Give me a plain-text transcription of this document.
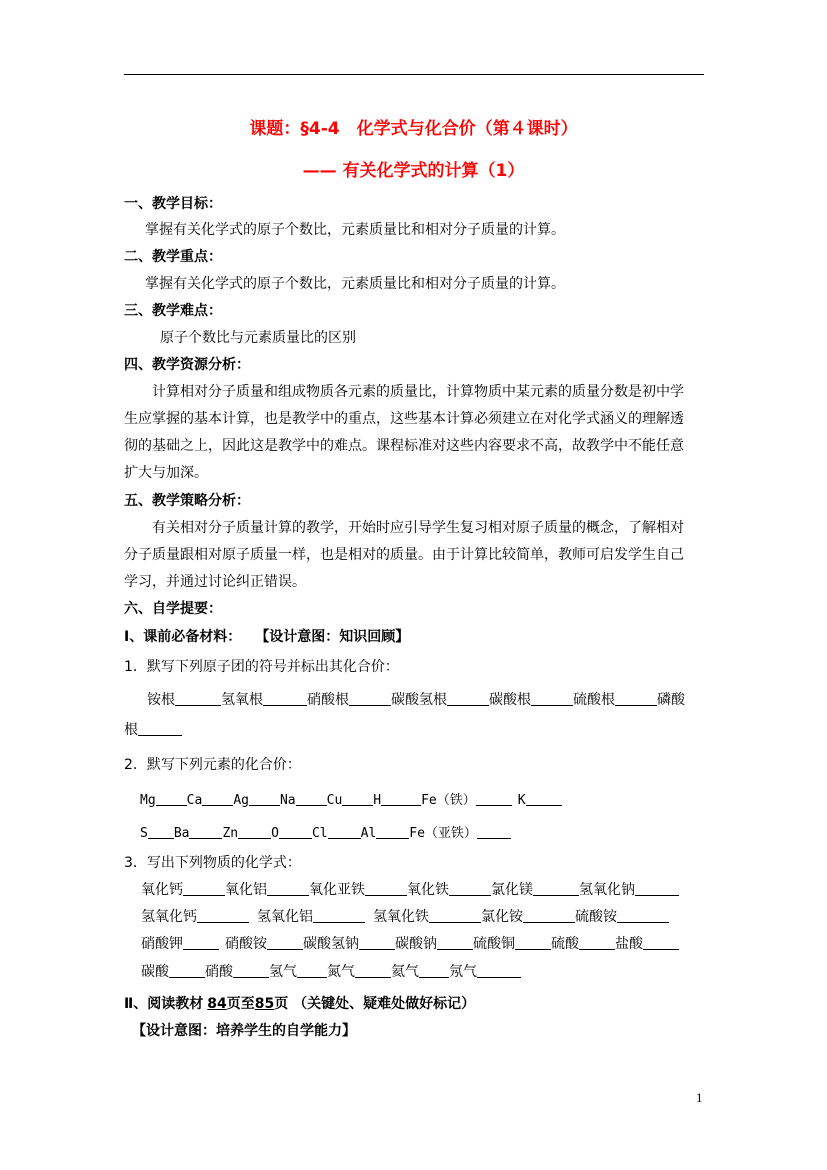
课题：§4-4　化学式与化合价（第４课时）
—— 有关化学式的计算（1）
一、教学目标：
掌握有关化学式的原子个数比，元素质量比和相对分子质量的计算。
二、教学重点：
掌握有关化学式的原子个数比，元素质量比和相对分子质量的计算。
三、教学难点：
原子个数比与元素质量比的区别
四、教学资源分析：
计算相对分子质量和组成物质各元素的质量比，计算物质中某元素的质量分数是初中学
生应掌握的基本计算，也是教学中的重点，这些基本计算必须建立在对化学式涵义的理解透
彻的基础之上，因此这是教学中的难点。课程标准对这些内容要求不高，故教学中不能任意
扩大与加深。
五、教学策略分析：
有关相对分子质量计算的教学，开始时应引导学生复习相对原子质量的概念，了解相对
分子质量跟相对原子质量一样，也是相对的质量。由于计算比较简单，教师可启发学生自己
学习，并通过讨论纠正错误。
六、自学提要：
Ⅰ、课前必备材料： 【设计意图：知识回顾】
1．默写下列原子团的符号并标出其化合价：
铵根	氢氧根	硝酸根	碳酸氢根	碳酸根	硫酸根	磷酸
根
2．默写下列元素的化合价：
Mg Ca Ag Na Cu H	Fe（铁）	K
S Ba	Zn	O	Cl	Al	Fe（亚铁）
3．写出下列物质的化学式：
氧化钙	氧化铝	氧化亚铁	氧化铁	氯化镁	氢氧化钠
氢氧化钙	氢氧化铝	氢氧化铁	氯化铵	硫酸铵
硝酸钾	硝酸铵	碳酸氢钠	碳酸钠	硫酸铜	硫酸	盐酸
碳酸	硝酸	氢气 氮气	氦气 氖气
Ⅱ、阅读教材 84页至85页 （关键处、疑难处做好标记）
【设计意图：培养学生的自学能力】
1
